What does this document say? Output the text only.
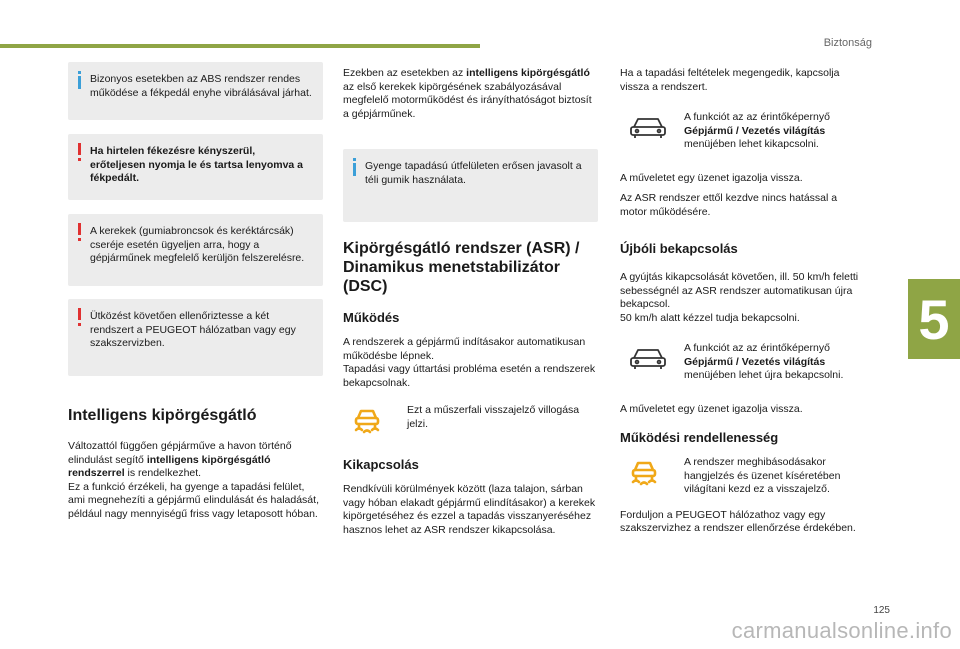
Biztonság
5
125
carmanualsonline.info
Bizonyos esetekben az ABS rendszer rendes működése a fékpedál enyhe vibrálásával járhat.
Ha hirtelen fékezésre kényszerül, erőteljesen nyomja le és tartsa lenyomva a fékpedált.
A kerekek (gumiabroncsok és keréktárcsák) cseréje esetén ügyeljen arra, hogy a gépjárműnek megfelelő kerüljön felszerelésre.
Ütközést követően ellenőriztesse a két rendszert a PEUGEOT hálózatban vagy egy szakszervizben.
Intelligens kipörgésgátló

Változattól függően gépjárműve a havon történő elindulást segítő intelligens kipörgésgátló rendszerrel is rendelkezhet.

Ez a funkció érzékeli, ha gyenge a tapadási felület, ami megnehezíti a gépjármű elindulását és haladását, például nagy mennyiségű friss vagy letaposott hóban.

Ezekben az esetekben az intelligens kipörgésgátló az első kerekek kipörgésének szabályozásával megfelelő motorműködést és irányíthatóságot biztosít a gépjárműnek.

Gyenge tapadású útfelületen erősen javasolt a téli gumik használata.
Kipörgésgátló rendszer (ASR) / Dinamikus menetstabilizátor (DSC)
Működés

A rendszerek a gépjármű indításakor automatikusan működésbe lépnek.

Tapadási vagy úttartási probléma esetén a rendszerek bekapcsolnak.

Ezt a műszerfali visszajelző villogása jelzi.

Kikapcsolás

Rendkívüli körülmények között (laza talajon, sárban vagy hóban elakadt gépjármű elindításakor) a kerekek kipörgetéséhez és ezzel a tapadás visszanyeréséhez hasznos lehet az ASR rendszer kikapcsolása.

Ha a tapadási feltételek megengedik, kapcsolja vissza a rendszert.

A funkciót az az érintőképernyő Gépjármű / Vezetés világítás menüjében lehet kikapcsolni.

A műveletet egy üzenet igazolja vissza.

Az ASR rendszer ettől kezdve nincs hatással a motor működésére.

Újbóli bekapcsolás

A gyújtás kikapcsolását követően, ill. 50 km/h feletti sebességnél az ASR rendszer automatikusan újra bekapcsol.

50 km/h alatt kézzel tudja bekapcsolni.

A funkciót az az érintőképernyő Gépjármű / Vezetés világítás menüjében lehet újra bekapcsolni.

A műveletet egy üzenet igazolja vissza.

Működési rendellenesség

A rendszer meghibásodásakor hangjelzés és üzenet kíséretében világítani kezd ez a visszajelző.

Forduljon a PEUGEOT hálózathoz vagy egy szakszervizhez a rendszer ellenőrzése érdekében.
